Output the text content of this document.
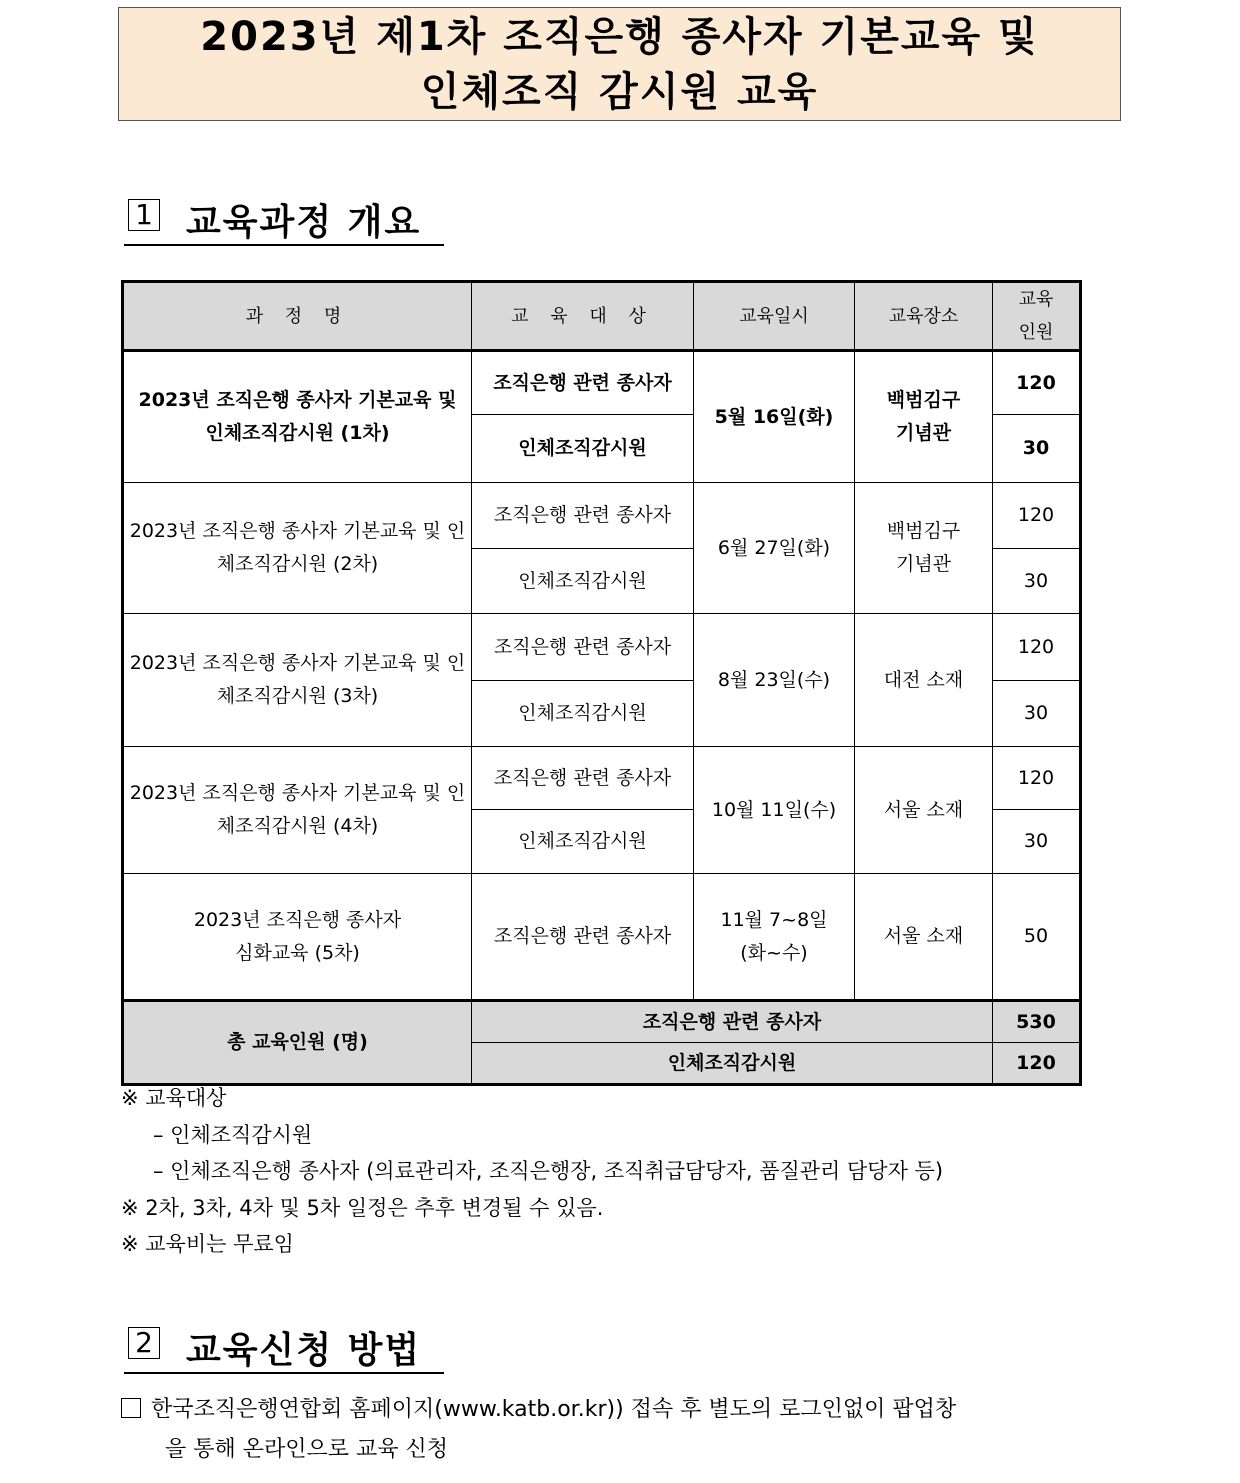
2023년 제1차 조직은행 종사자 기본교육 및
인체조직 감시원 교육
1 교육과정 개요
과 정 명	교 육 대 상	교육일시	교육장소	교육
인원
2023년 조직은행 종사자 기본교육 및 인체조직감시원 (1차)	조직은행 관련 종사자	5월 16일(화)	백범김구
기념관	120
	인체조직감시원			30
2023년 조직은행 종사자 기본교육 및 인체조직감시원 (2차)	조직은행 관련 종사자	6월 27일(화)	백범김구
기념관	120
	인체조직감시원			30
2023년 조직은행 종사자 기본교육 및 인체조직감시원 (3차)	조직은행 관련 종사자	8월 23일(수)	대전 소재	120
	인체조직감시원			30
2023년 조직은행 종사자 기본교육 및 인체조직감시원 (4차)	조직은행 관련 종사자	10월 11일(수)	서울 소재	120
	인체조직감시원			30
2023년 조직은행 종사자
심화교육 (5차)	조직은행 관련 종사자	11월 7~8일
(화~수)	서울 소재	50
총 교육인원 (명)	조직은행 관련 종사자			530
	인체조직감시원			120
※ 교육대상
– 인체조직감시원
– 인체조직은행 종사자 (의료관리자, 조직은행장, 조직취급담당자, 품질관리 담당자 등)
※ 2차, 3차, 4차 및 5차 일정은 추후 변경될 수 있음.
※ 교육비는 무료임
2 교육신청 방법
한국조직은행연합회 홈페이지(www.katb.or.kr)) 접속 후 별도의 로그인없이 팝업창
을 통해 온라인으로 교육 신청
